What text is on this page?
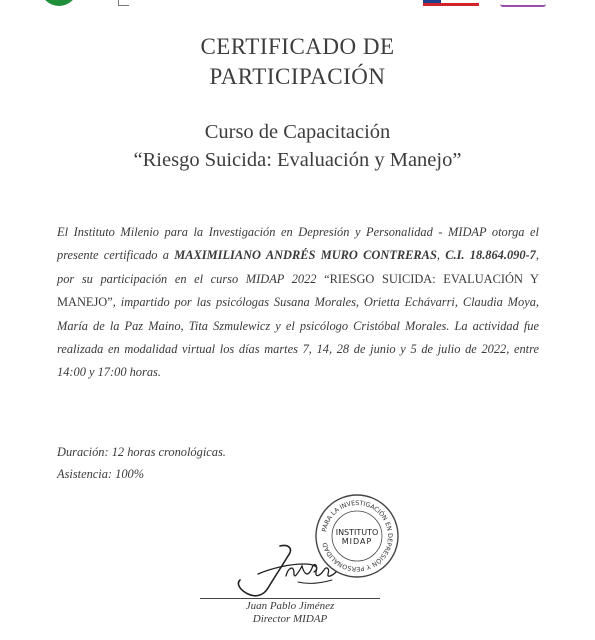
CERTIFICADO DE
PARTICIPACIÓN
Curso de Capacitación
“Riesgo Suicida: Evaluación y Manejo”

El Instituto Milenio para la Investigación en Depresión y Personalidad - MIDAP otorga el presente certificado a MAXIMILIANO ANDRÉS MURO CONTRERAS, C.I. 18.864.090-7, por su participación en el curso MIDAP 2022 “RIESGO SUICIDA: EVALUACIÓN Y MANEJO”, impartido por las psicólogas Susana Morales, Orietta Echávarri, Claudia Moya, María de la Paz Maino, Tita Szmulewicz y el psicólogo Cristóbal Morales. La actividad fue realizada en modalidad virtual los días martes 7, 14, 28 de junio y 5 de julio de 2022, entre 14:00 y 17:00 horas.

Duración: 12 horas cronológicas.
Asistencia: 100%
PARA LA INVESTIGACIÓN EN DEPRESIÓN Y PERSONALIDAD
INSTITUTO
MIDAP
Juan Pablo Jiménez
Director MIDAP
